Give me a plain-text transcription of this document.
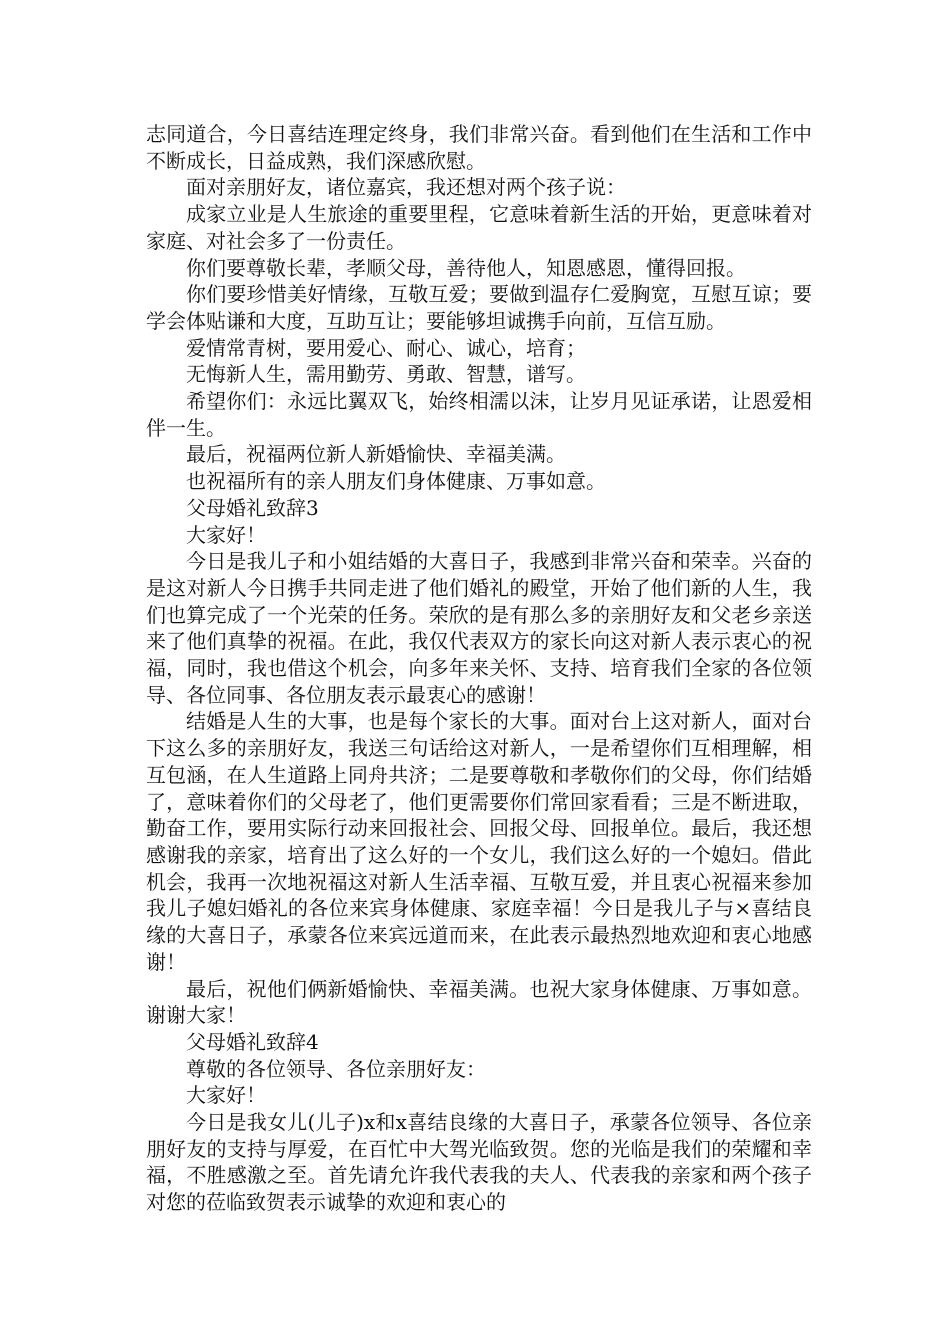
志同道合，今日喜结连理定终身，我们非常兴奋。看到他们在生活和工作中不断成长，日益成熟，我们深感欣慰。

面对亲朋好友，诸位嘉宾，我还想对两个孩子说：

成家立业是人生旅途的重要里程，它意味着新生活的开始，更意味着对家庭、对社会多了一份责任。

你们要尊敬长辈，孝顺父母，善待他人，知恩感恩，懂得回报。

你们要珍惜美好情缘，互敬互爱；要做到温存仁爱胸宽，互慰互谅；要学会体贴谦和大度，互助互让；要能够坦诚携手向前，互信互励。

爱情常青树，要用爱心、耐心、诚心，培育；

无悔新人生，需用勤劳、勇敢、智慧，谱写。

希望你们：永远比翼双飞，始终相濡以沫，让岁月见证承诺，让恩爱相伴一生。

最后，祝福两位新人新婚愉快、幸福美满。

也祝福所有的亲人朋友们身体健康、万事如意。

父母婚礼致辞3

大家好！

今日是我儿子和小姐结婚的大喜日子，我感到非常兴奋和荣幸。兴奋的是这对新人今日携手共同走进了他们婚礼的殿堂，开始了他们新的人生，我们也算完成了一个光荣的任务。荣欣的是有那么多的亲朋好友和父老乡亲送来了他们真挚的祝福。在此，我仅代表双方的家长向这对新人表示衷心的祝福，同时，我也借这个机会，向多年来关怀、支持、培育我们全家的各位领导、各位同事、各位朋友表示最衷心的感谢！

结婚是人生的大事，也是每个家长的大事。面对台上这对新人，面对台下这么多的亲朋好友，我送三句话给这对新人，一是希望你们互相理解，相互包涵，在人生道路上同舟共济；二是要尊敬和孝敬你们的父母，你们结婚了，意味着你们的父母老了，他们更需要你们常回家看看；三是不断进取，勤奋工作，要用实际行动来回报社会、回报父母、回报单位。最后，我还想感谢我的亲家，培育出了这么好的一个女儿，我们这么好的一个媳妇。借此机会，我再一次地祝福这对新人生活幸福、互敬互爱，并且衷心祝福来参加我儿子媳妇婚礼的各位来宾身体健康、家庭幸福！今日是我儿子与×喜结良缘的大喜日子，承蒙各位来宾远道而来，在此表示最热烈地欢迎和衷心地感谢！

最后，祝他们俩新婚愉快、幸福美满。也祝大家身体健康、万事如意。谢谢大家！

父母婚礼致辞4

尊敬的各位领导、各位亲朋好友：

大家好！

今日是我女儿(儿子)x和x喜结良缘的大喜日子，承蒙各位领导、各位亲朋好友的支持与厚爱，在百忙中大驾光临致贺。您的光临是我们的荣耀和幸福，不胜感激之至。首先请允许我代表我的夫人、代表我的亲家和两个孩子对您的莅临致贺表示诚挚的欢迎和衷心的
